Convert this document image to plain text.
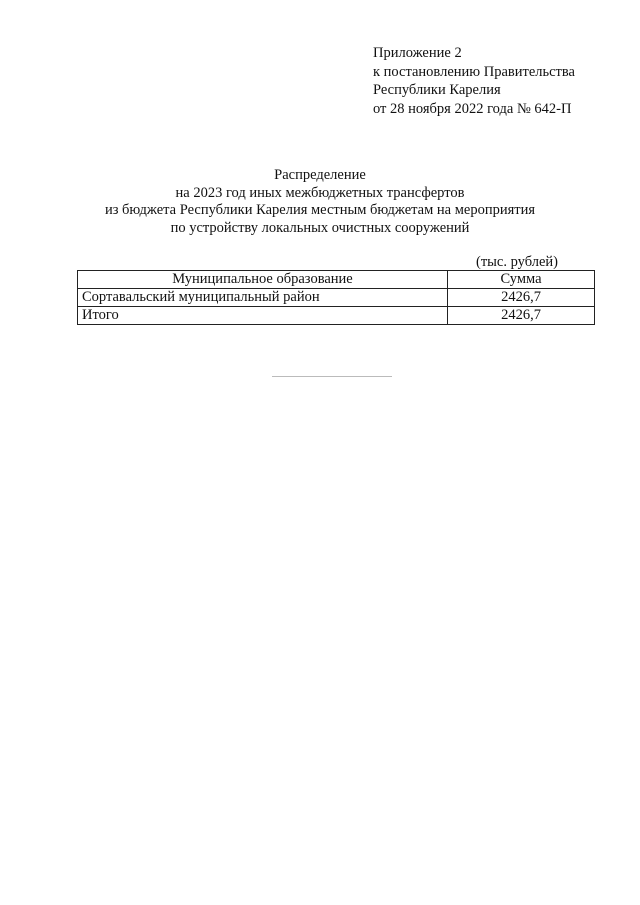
Приложение 2
к постановлению Правительства
Республики Карелия
от 28 ноября 2022 года № 642-П
Распределение
на 2023 год иных межбюджетных трансфертов
из бюджета Республики Карелия местным бюджетам на мероприятия
по устройству локальных очистных сооружений
(тыс. рублей)
Муниципальное образование	Сумма
Сортавальский муниципальный район	2426,7
Итого	2426,7
